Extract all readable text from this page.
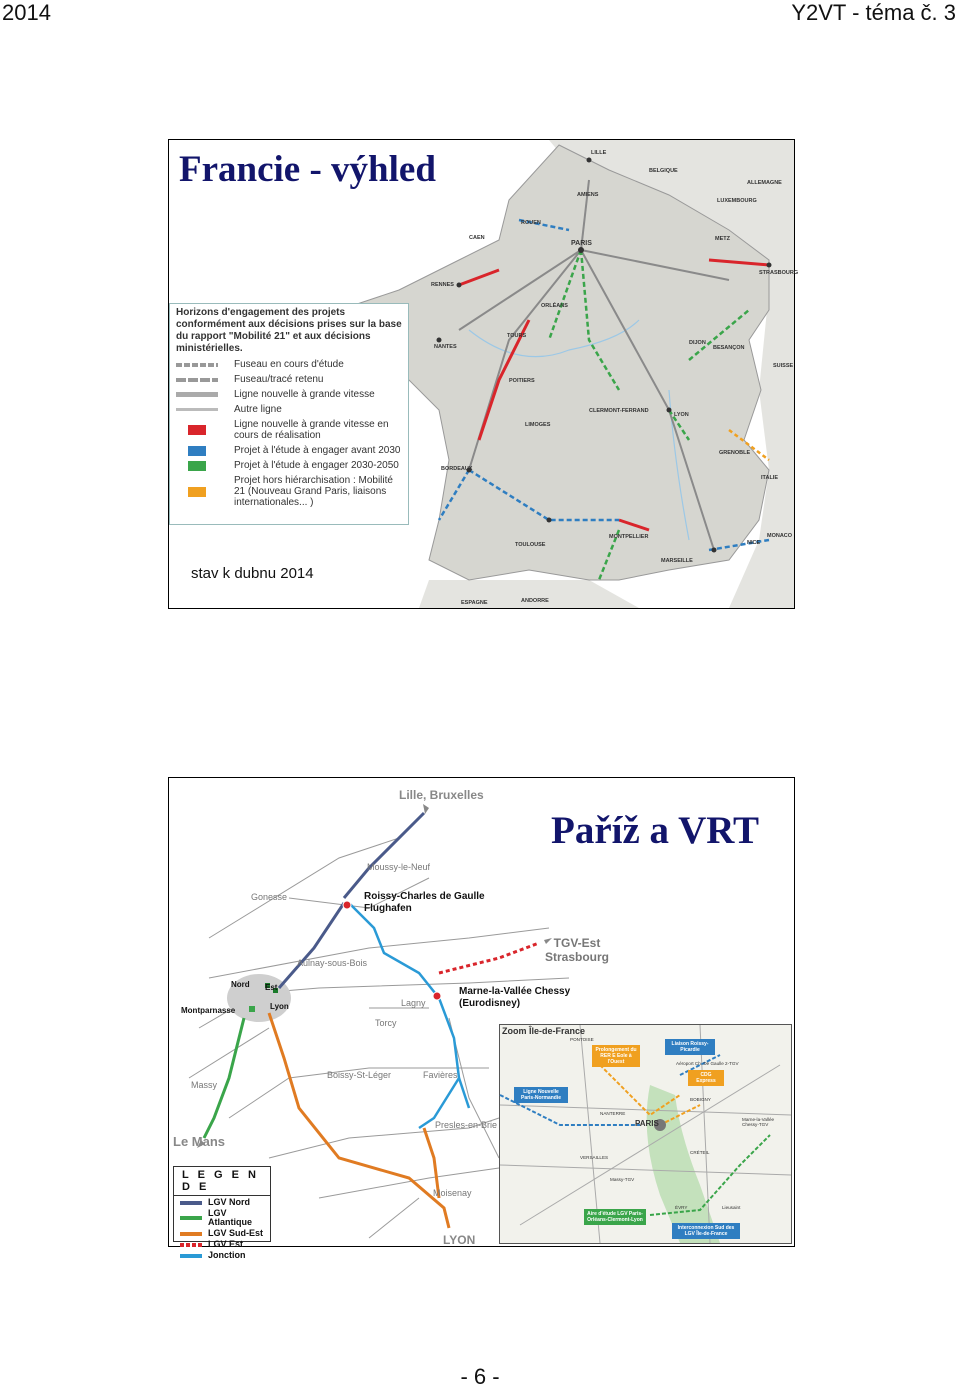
2014	Y2VT - téma č. 3
PARIS
LYON
BORDEAUX
MARSEILLE
TOULOUSE
RENNES
LILLE
STRASBOURG
NANTES
MONTPELLIER
DIJON
ORLÉANS
TOURS
POITIERS
LIMOGES
METZ
AMIENS
ROUEN
CAEN
NICE
CLERMONT-FERRAND
BESANÇON
GRENOBLE
ESPAGNE	ANDORRE
SUISSE
ITALIE
ALLEMAGNE
BELGIQUE
LUXEMBOURG
MONACO
Francie - výhled
Horizons d'engagement des projets conformément aux décisions prises sur la base du rapport "Mobilité 21" et aux décisions ministérielles.
Fuseau en cours d'étude
Fuseau/tracé retenu
Ligne nouvelle à grande vitesse
Autre ligne
Ligne nouvelle à grande vitesse en cours de réalisation
Projet à l'étude à engager avant 2030
Projet à l'étude à engager 2030-2050
Projet hors hiérarchisation : Mobilité 21 (Nouveau Grand Paris, liaisons internationales... )
stav k dubnu 2014
Paříž a VRT
Lille, Bruxelles
Moussy-le-Neuf
Gonesse	Roissy-Charles de Gaulle Flughafen
TGV-Est Strasbourg
Aulnay-sous-Bois
Nord Est
Lyon
Montparnasse
Marne-la-Vallée Chessy (Eurodisney)
Lagny
Torcy
Boissy-St-Léger	Favières
Massy
Le Mans
Presles-en-Brie
Moisenay
LYON
L E G E N D E
LGV Nord
LGV Atlantique
LGV Sud-Est
LGV Est
Jonction
Zoom Île-de-France
Prolongement du RER E Eole à l'Ouest
Liaison Roissy-Picardie
CDG Express
Ligne Nouvelle Paris-Normandie
Aire d'étude LGV Paris-Orléans-Clermont-Lyon
Interconnexion Sud des LGV Île-de-France
PONTOISE
PARIS
NANTERRE
VERSAILLES
Massy-TGV
ÉVRY
CRÉTEIL
BOBIGNY
Lieusaint
Marne-la-Vallée Chessy-TGV
Aéroport Ch. De Gaulle 2-TGV
- 6 -
